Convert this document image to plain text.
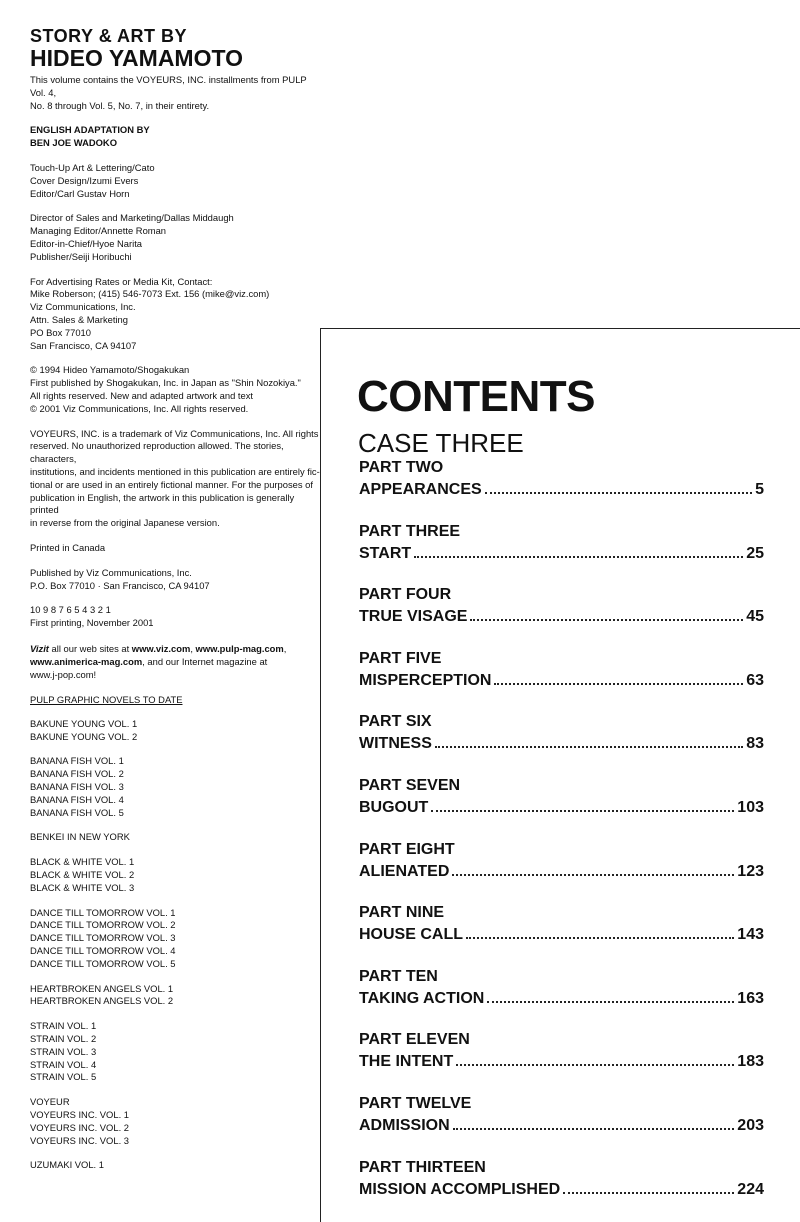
STORY & ART BY

HIDEO YAMAMOTO

This volume contains the VOYEURS, INC. installments from PULP Vol. 4,

No. 8 through Vol. 5, No. 7, in their entirety.

ENGLISH ADAPTATION BY

BEN JOE WADOKO

Touch-Up Art & Lettering/Cato

Cover Design/Izumi Evers

Editor/Carl Gustav Horn

Director of Sales and Marketing/Dallas Middaugh

Managing Editor/Annette Roman

Editor-in-Chief/Hyoe Narita

Publisher/Seiji Horibuchi

For Advertising Rates or Media Kit, Contact:

Mike Roberson; (415) 546-7073 Ext. 156 (mike@viz.com)

Viz Communications, Inc.

Attn. Sales & Marketing

PO Box 77010

San Francisco, CA 94107

© 1994 Hideo Yamamoto/Shogakukan

First published by Shogakukan, Inc. in Japan as "Shin Nozokiya."

All rights reserved. New and adapted artwork and text

© 2001 Viz Communications, Inc. All rights reserved.

VOYEURS, INC. is a trademark of Viz Communications, Inc. All rights

reserved. No unauthorized reproduction allowed. The stories, characters,

institutions, and incidents mentioned in this publication are entirely fic-

tional or are used in an entirely fictional manner. For the purposes of

publication in English, the artwork in this publication is generally printed

in reverse from the original Japanese version.

Printed in Canada

Published by Viz Communications, Inc.

P.O. Box 77010 · San Francisco, CA 94107

10 9 8 7 6 5 4 3 2 1

First printing, November 2001

Vizit all our web sites at www.viz.com, www.pulp-mag.com,

www.animerica-mag.com, and our Internet magazine at

www.j-pop.com!

PULP GRAPHIC NOVELS TO DATE

BAKUNE YOUNG VOL. 1

BAKUNE YOUNG VOL. 2

BANANA FISH VOL. 1

BANANA FISH VOL. 2

BANANA FISH VOL. 3

BANANA FISH VOL. 4

BANANA FISH VOL. 5

BENKEI IN NEW YORK

BLACK & WHITE VOL. 1

BLACK & WHITE VOL. 2

BLACK & WHITE VOL. 3

DANCE TILL TOMORROW VOL. 1

DANCE TILL TOMORROW VOL. 2

DANCE TILL TOMORROW VOL. 3

DANCE TILL TOMORROW VOL. 4

DANCE TILL TOMORROW VOL. 5

HEARTBROKEN ANGELS VOL. 1

HEARTBROKEN ANGELS VOL. 2

STRAIN VOL. 1

STRAIN VOL. 2

STRAIN VOL. 3

STRAIN VOL. 4

STRAIN VOL. 5

VOYEUR

VOYEURS INC. VOL. 1

VOYEURS INC. VOL. 2

VOYEURS INC. VOL. 3

UZUMAKI VOL. 1

CONTENTS
CASE THREE

PART TWO

APPEARANCES	5

PART THREE

START	25

PART FOUR

TRUE VISAGE	45

PART FIVE

MISPERCEPTION	63

PART SIX

WITNESS	83

PART SEVEN

BUGOUT	103

PART EIGHT

ALIENATED	123

PART NINE

HOUSE CALL	143

PART TEN

TAKING ACTION	163

PART ELEVEN

THE INTENT	183

PART TWELVE

ADMISSION	203

PART THIRTEEN

MISSION ACCOMPLISHED	224
